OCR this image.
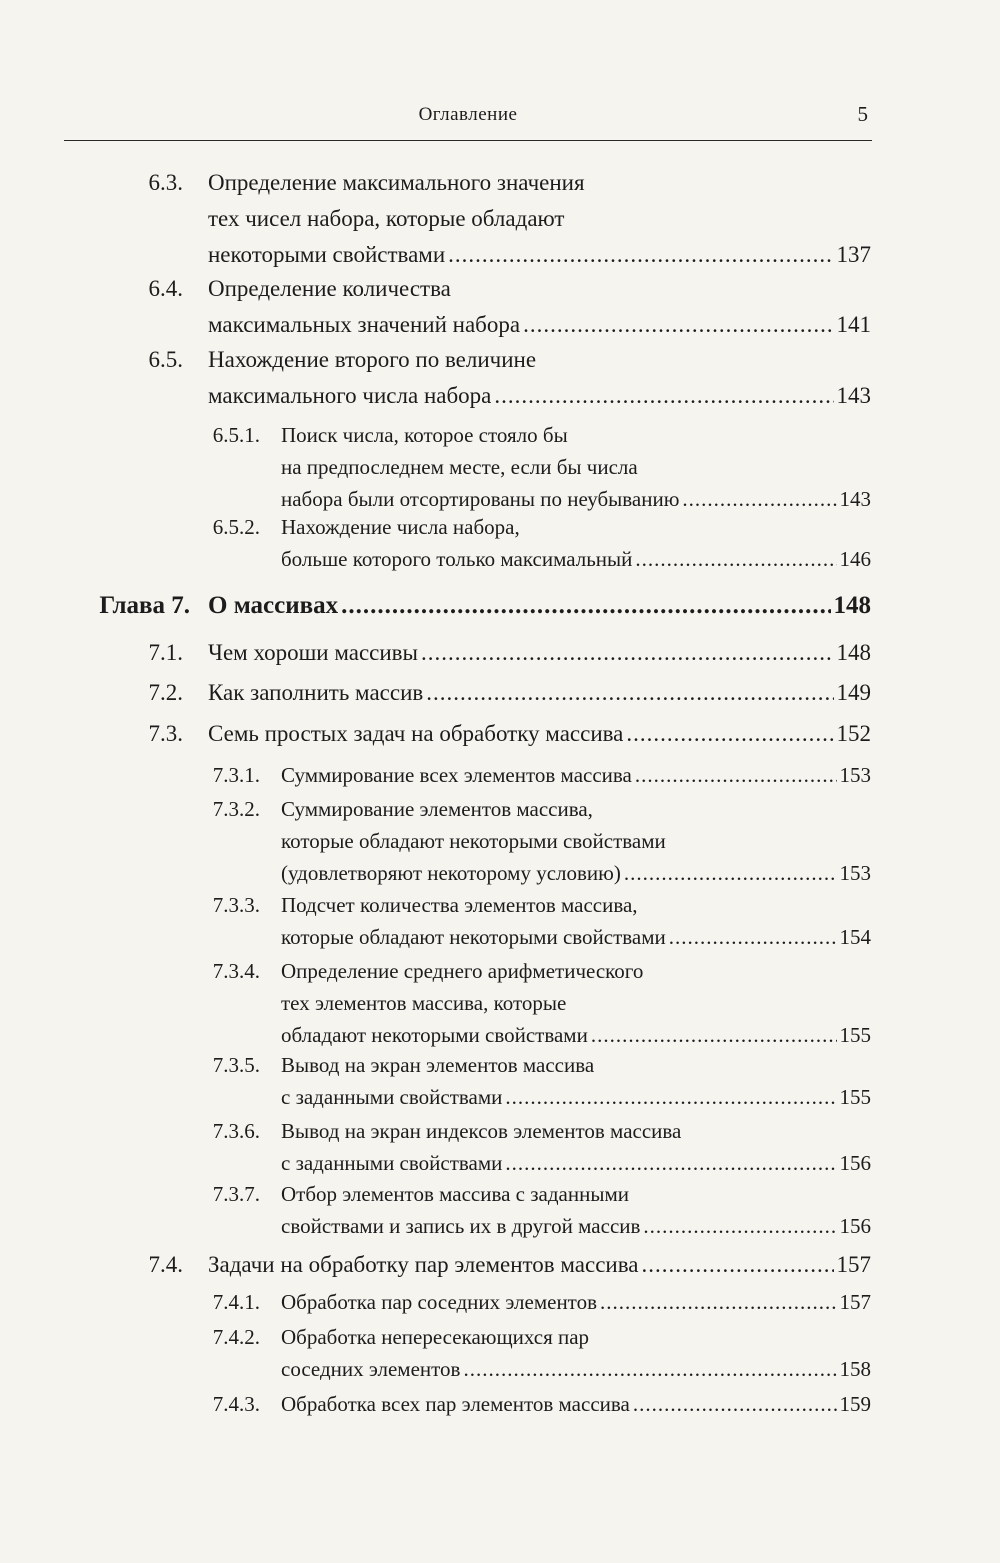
Оглавление	5
6.3. Определение максимального значения
тех чисел набора, которые обладают
некоторыми свойствами .....	137
6.4. Определение количества
максимальных значений набора .....	141
6.5. Нахождение второго по величине
максимального числа набора .....	143
6.5.1. Поиск числа, которое стояло бы
на предпоследнем месте, если бы числа
набора были отсортированы по неубыванию .....	143
6.5.2. Нахождение числа набора,
больше которого только максимальный .....	146
Глава 7. О массивах .....	148
7.1. Чем хороши массивы .....	148
7.2. Как заполнить массив .....	149
7.3. Семь простых задач на обработку массива .....	152
7.3.1. Суммирование всех элементов массива .....	153
7.3.2. Суммирование элементов массива,
которые обладают некоторыми свойствами
(удовлетворяют некоторому условию) .....	153
7.3.3. Подсчет количества элементов массива,
которые обладают некоторыми свойствами .....	154
7.3.4. Определение среднего арифметического
тех элементов массива, которые
обладают некоторыми свойствами .....	155
7.3.5. Вывод на экран элементов массива
с заданными свойствами .....	155
7.3.6. Вывод на экран индексов элементов массива
с заданными свойствами .....	156
7.3.7. Отбор элементов массива с заданными
свойствами и запись их в другой массив .....	156
7.4. Задачи на обработку пар элементов массива .....	157
7.4.1. Обработка пар соседних элементов .....	157
7.4.2. Обработка непересекающихся пар
соседних элементов .....	158
7.4.3. Обработка всех пар элементов массива .....	159
